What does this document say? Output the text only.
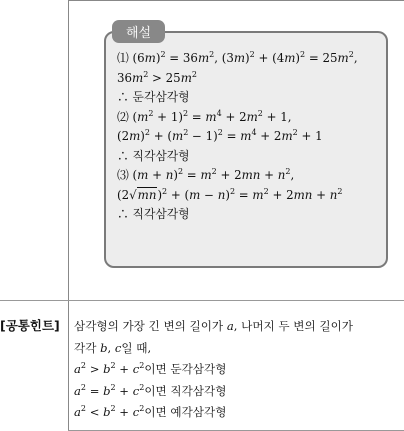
⑴ $(6m)^2 = 36m^2$, $(3m)^2 + (4m)^2 = 25m^2$,
$36m^2 > 25m^2$
∴ 둔각삼각형
⑵ $(m^2 + 1)^2 = m^4 + 2m^2 + 1$,
$(2m)^2 + (m^2 - 1)^2 = m^4 + 2m^2 + 1$
∴ 직각삼각형
⑶ $(m + n)^2 = m^2 + 2mn + n^2$,
$(2√mn)^2 + (m - n)^2 = m^2 + 2mn + n^2$
∴ 직각삼각형
해설
[공통힌트] 삼각형의 가장 긴 변의 길이가 a, 나머지 두 변의 길이가
각각 b, c일 때,
$a^2 > b^2 + c^2$이면 둔각삼각형
$a^2 = b^2 + c^2$이면 직각삼각형
$a^2 < b^2 + c^2$이면 예각삼각형
